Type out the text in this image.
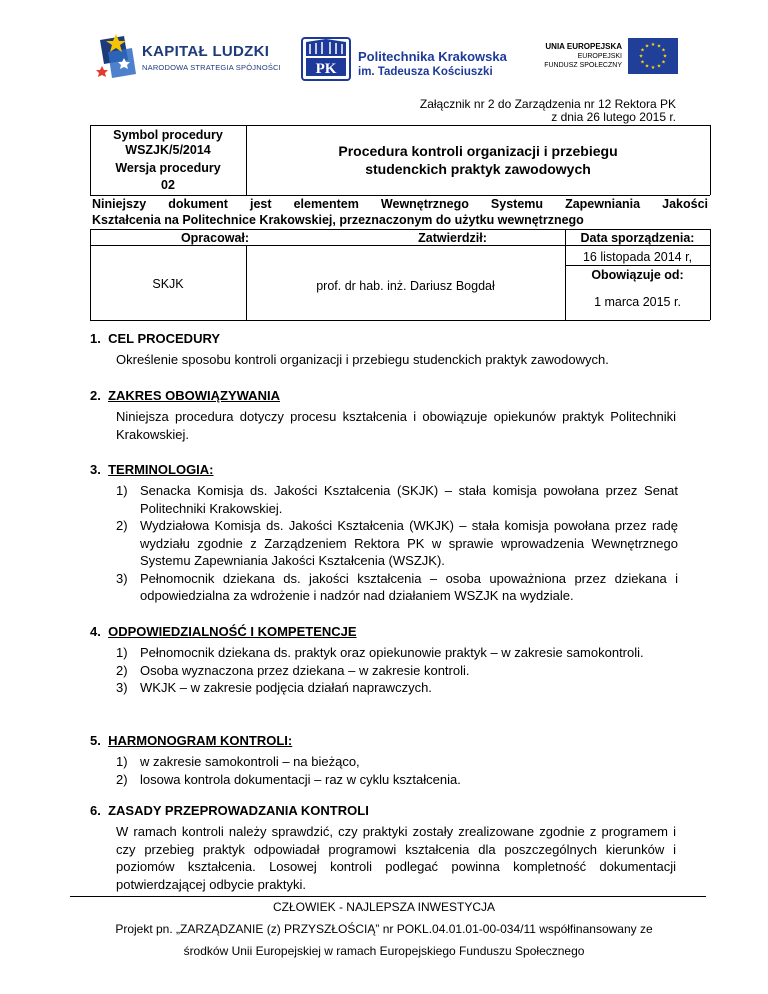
KAPITAŁ LUDZKI
NARODOWA STRATEGIA SPÓJNOŚCI PK
Politechnika Krakowska
im. Tadeusza Kościuszki
UNIA EUROPEJSKA
EUROPEJSKI
FUNDUSZ SPOŁECZNY
★ ★
★
★
★
★
★
★
★
★
★
★
Załącznik nr 2 do Zarządzenia nr 12 Rektora PK
z dnia 26 lutego 2015 r.
Symbol procedury
WSZJK/5/2014
Wersja procedury
02
Procedura kontroli organizacji i przebiegu
studenckich praktyk zawodowych
Niniejszy dokument jest elementem Wewnętrznego Systemu Zapewniania Jakości
Kształcenia na Politechnice Krakowskiej, przeznaczonym do użytku wewnętrznego
Opracował:	Zatwierdził:	Data sporządzenia:
SKJK	prof. dr hab. inż. Dariusz Bogdał
16 listopada 2014 r,
Obowiązuje od:
1 marca 2015 r.
1. CEL PROCEDURY
Określenie sposobu kontroli organizacji i przebiegu studenckich praktyk zawodowych.
2. ZAKRES OBOWIĄZYWANIA
Niniejsza procedura dotyczy procesu kształcenia i obowiązuje opiekunów praktyk Politechniki Krakowskiej.
3. TERMINOLOGIA:
1) Senacka Komisja ds. Jakości Kształcenia (SKJK) – stała komisja powołana przez Senat Politechniki Krakowskiej.
2) Wydziałowa Komisja ds. Jakości Kształcenia (WKJK) – stała komisja powołana przez radę wydziału zgodnie z Zarządzeniem Rektora PK w sprawie wprowadzenia Wewnętrznego Systemu Zapewniania Jakości Kształcenia (WSZJK).
3) Pełnomocnik dziekana ds. jakości kształcenia – osoba upoważniona przez dziekana i odpowiedzialna za wdrożenie i nadzór nad działaniem WSZJK na wydziale.
4. ODPOWIEDZIALNOŚĆ I KOMPETENCJE
1) Pełnomocnik dziekana ds. praktyk oraz opiekunowie praktyk – w zakresie samokontroli.
2) Osoba wyznaczona przez dziekana – w zakresie kontroli.
3) WKJK – w zakresie podjęcia działań naprawczych.
5. HARMONOGRAM KONTROLI:
1) w zakresie samokontroli – na bieżąco,
2) losowa kontrola dokumentacji – raz w cyklu kształcenia.
6. ZASADY PRZEPROWADZANIA KONTROLI
W ramach kontroli należy sprawdzić, czy praktyki zostały zrealizowane zgodnie z programem i czy przebieg praktyk odpowiadał programowi kształcenia dla poszczególnych kierunków i poziomów kształcenia. Losowej kontroli podlegać powinna kompletność dokumentacji potwierdzającej odbycie praktyki.
CZŁOWIEK - NAJLEPSZA INWESTYCJA
Projekt pn. „ZARZĄDZANIE (z) PRZYSZŁOŚCIĄ” nr POKL.04.01.01-00-034/11 współfinansowany ze
środków Unii Europejskiej w ramach Europejskiego Funduszu Społecznego
